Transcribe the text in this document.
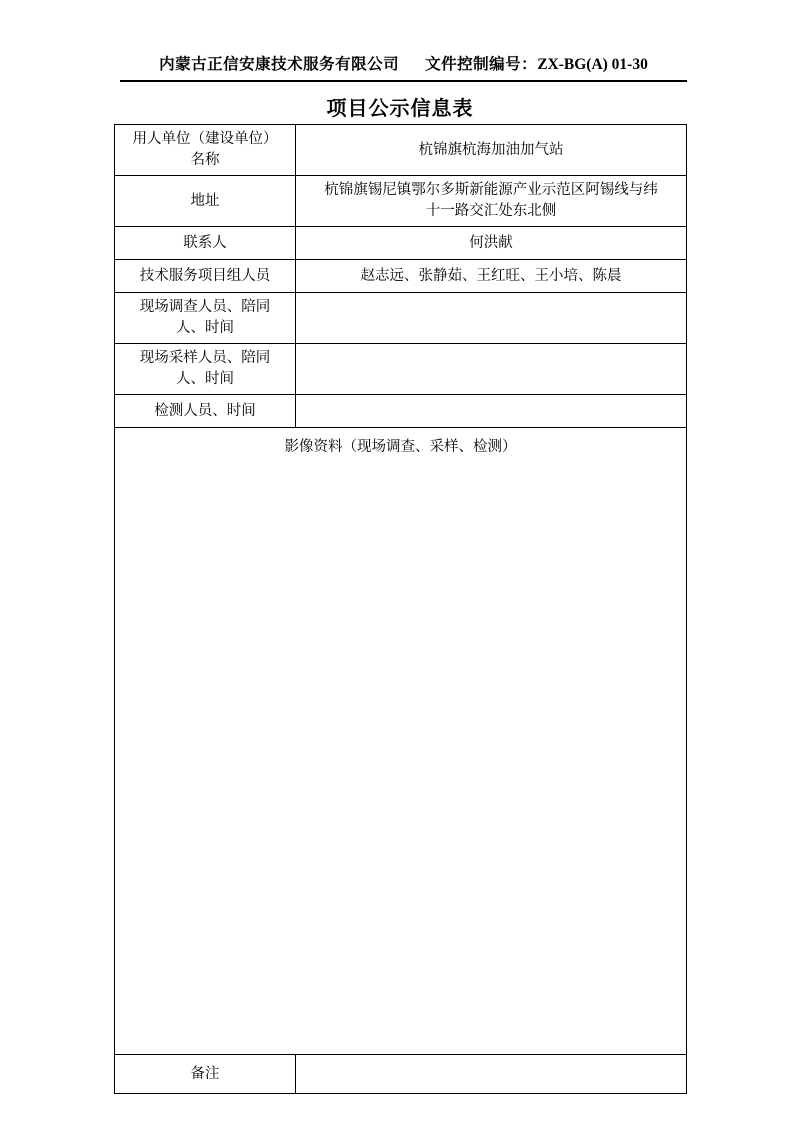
内蒙古正信安康技术服务有限公司 文件控制编号：ZX-BG(A) 01-30
项目公示信息表
用人单位（建设单位）
名称	杭锦旗杭海加油加气站
地址	杭锦旗锡尼镇鄂尔多斯新能源产业示范区阿锡线与纬
十一路交汇处东北侧

联系人	何洪献
技术服务项目组人员	赵志远、张静茹、王红旺、王小培、陈晨

现场调查人员、陪同
人、时间	

现场采样人员、陪同
人、时间	

检测人员、时间	
影像资料（现场调查、采样、检测）	

备注	
